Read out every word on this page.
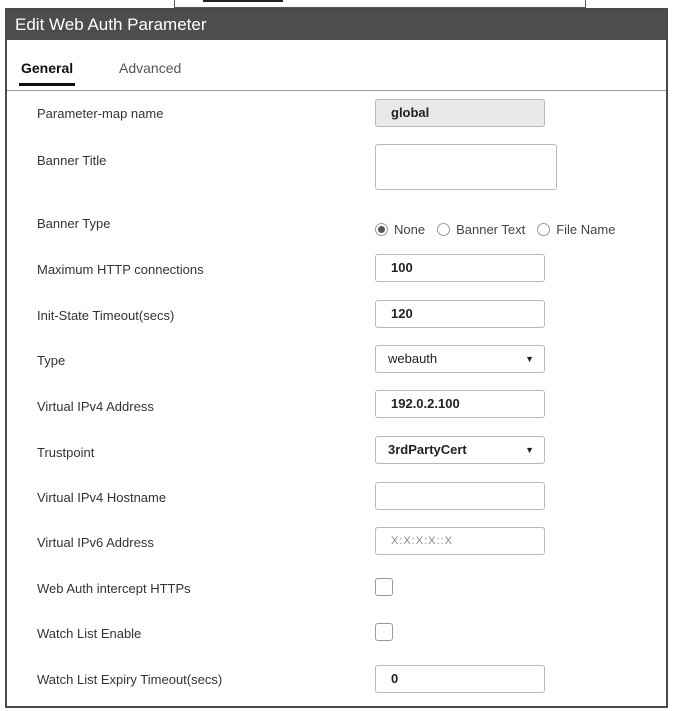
Edit Web Auth Parameter
General	Advanced
Parameter-map name	global
Banner Title
Banner Type	None Banner Text File Name
Maximum HTTP connections	100
Init-State Timeout(secs)	120
Type	webauth	▼
Virtual IPv4 Address	192.0.2.100
Trustpoint	3rdPartyCert	▼
Virtual IPv4 Hostname
Virtual IPv6 Address	X:X:X:X::X
Web Auth intercept HTTPs
Watch List Enable
Watch List Expiry Timeout(secs)	0
